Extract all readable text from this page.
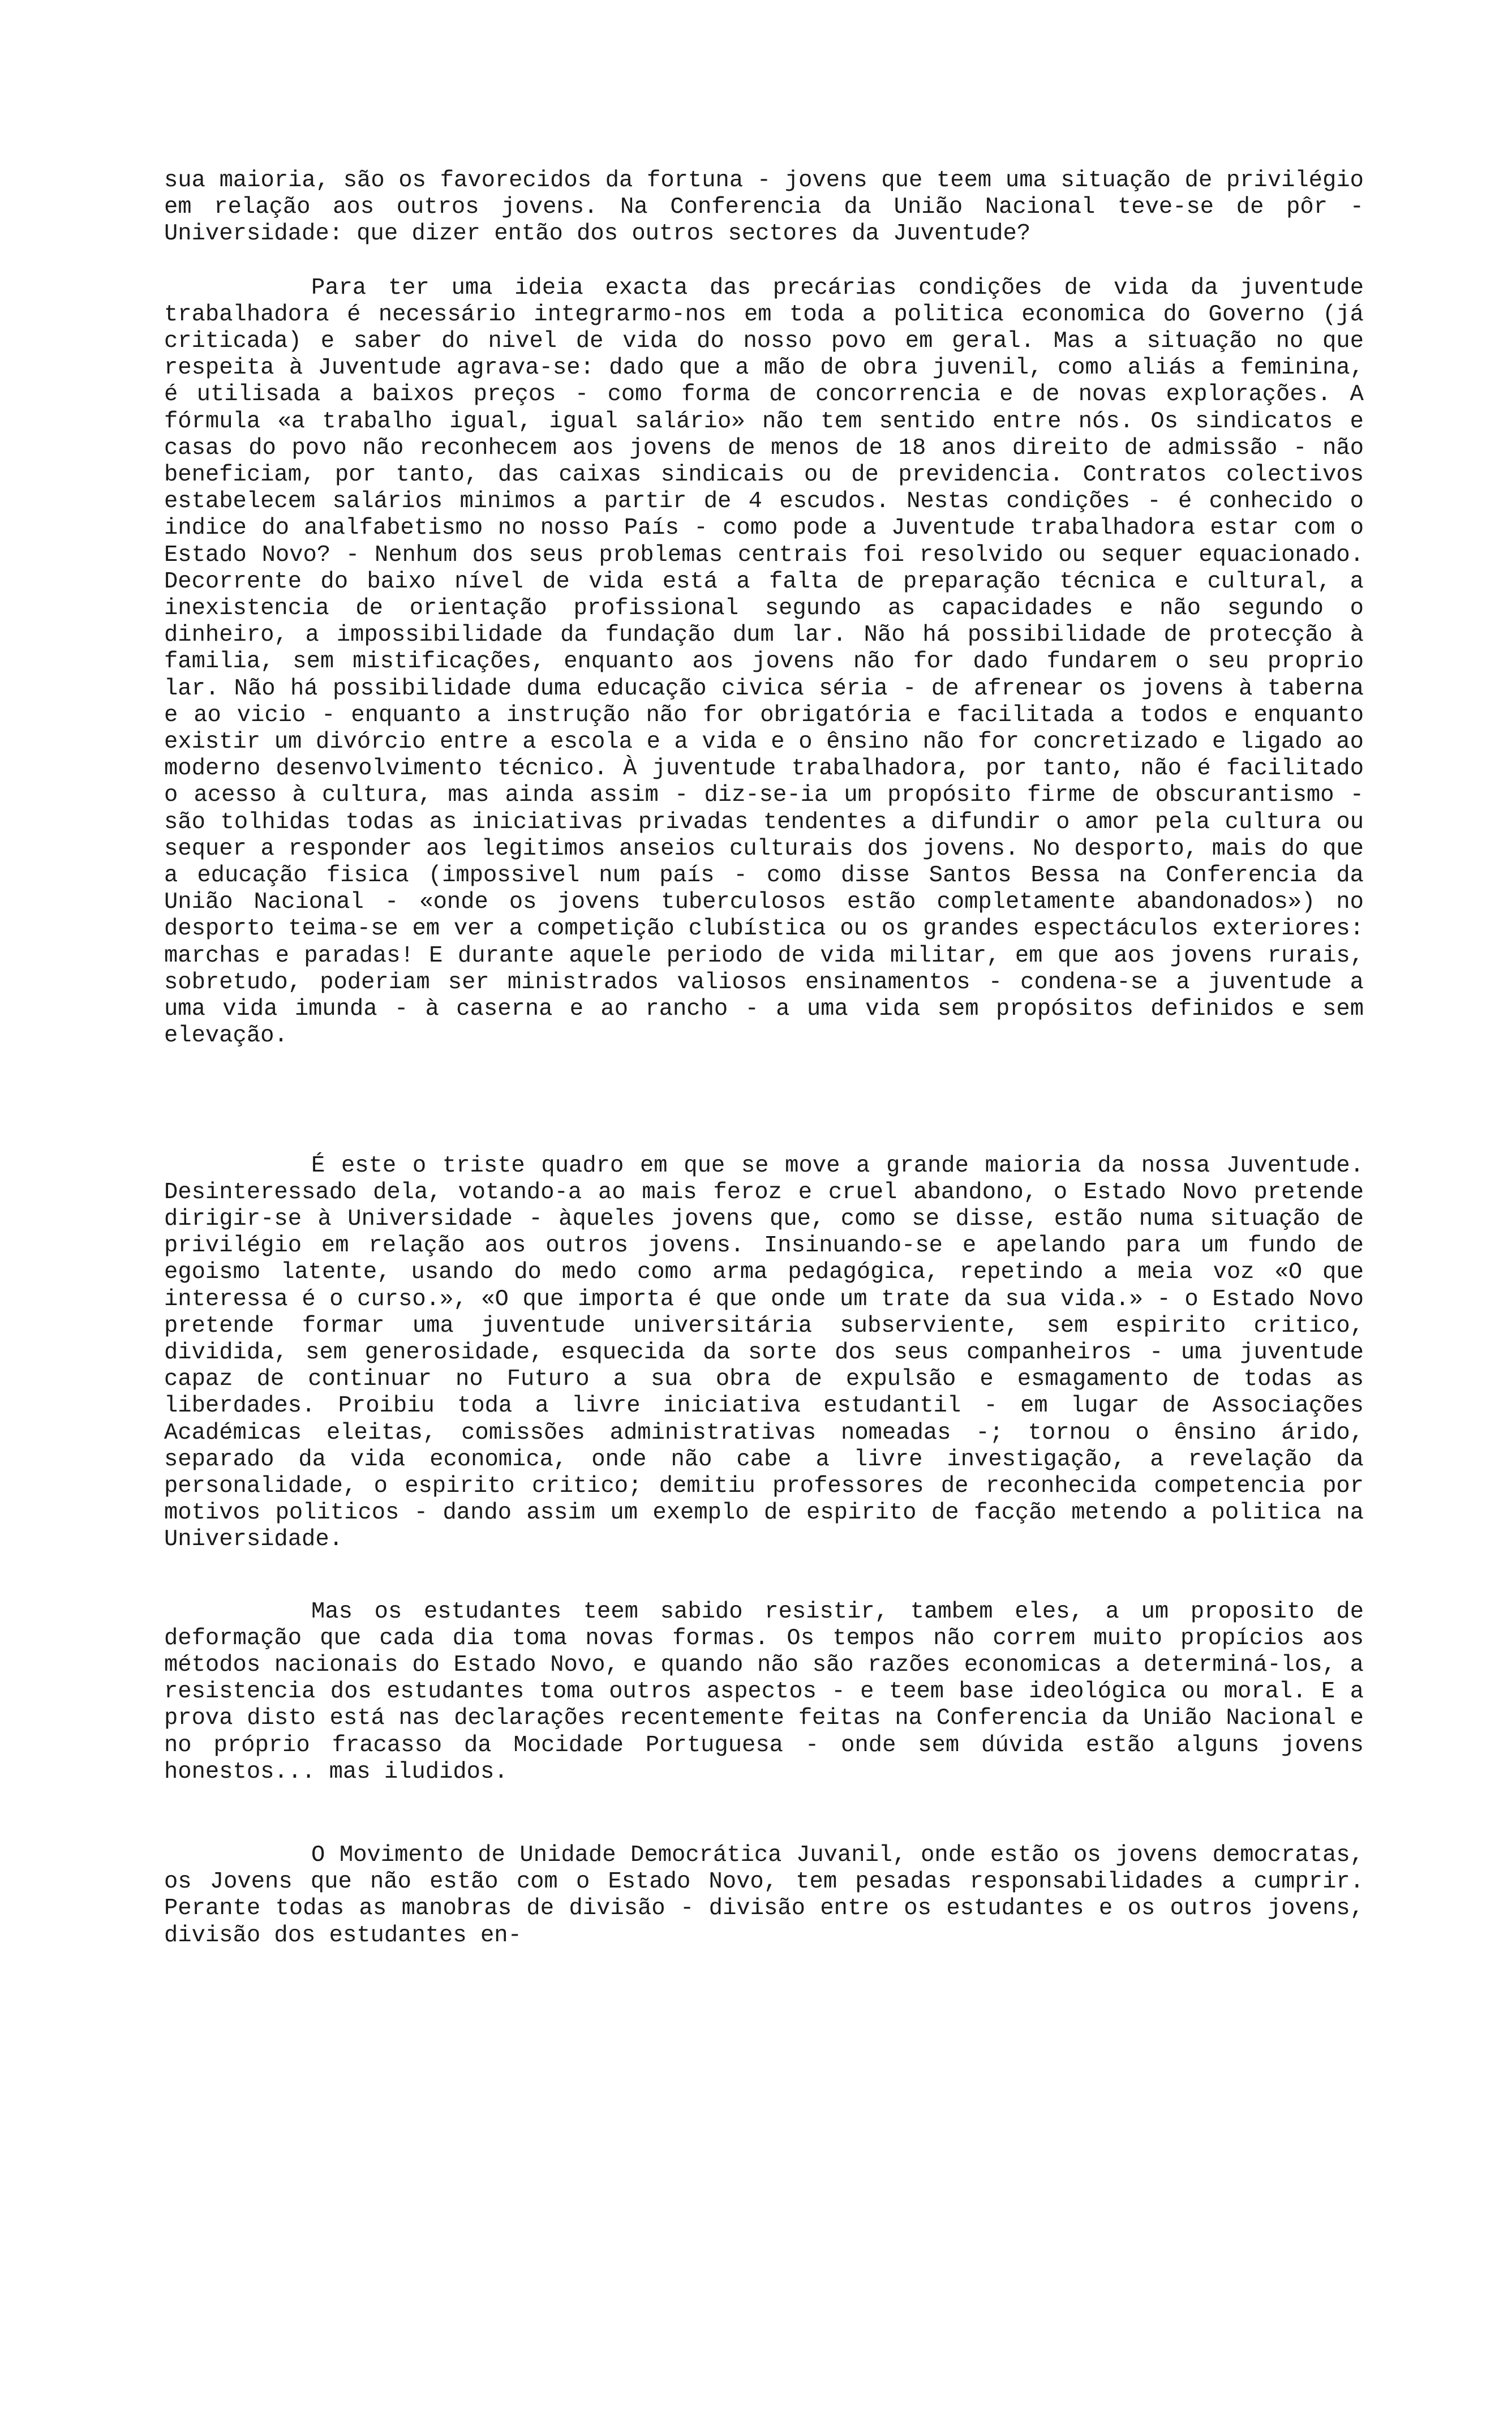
sua maioria, são os favorecidos da fortuna - jovens que teem uma situação de privilégio em relação aos outros jovens. Na Conferencia da União Nacional teve-se de pôr - Universidade: que dizer então dos outros sectores da Juventude?

Para ter uma ideia exacta das precárias condições de vida da juventude trabalhadora é necessário integrarmo-nos em toda a politica economica do Governo (já criticada) e saber do nivel de vida do nosso povo em geral. Mas a situação no que respeita à Juventude agrava-se: dado que a mão de obra juvenil, como aliás a feminina, é utilisada a baixos preços - como forma de concorrencia e de novas explorações. A fórmula «a trabalho igual, igual salário» não tem sentido entre nós. Os sindicatos e casas do povo não reconhecem aos jovens de menos de 18 anos direito de admissão - não beneficiam, por tanto, das caixas sindicais ou de previdencia. Contratos colectivos estabelecem salários minimos a partir de 4 escudos. Nestas condições - é conhecido o indice do analfabetismo no nosso País - como pode a Juventude trabalhadora estar com o Estado Novo? - Nenhum dos seus problemas centrais foi resolvido ou sequer equacionado. Decorrente do baixo nível de vida está a falta de preparação técnica e cultural, a inexistencia de orientação profissional segundo as capacidades e não segundo o dinheiro, a impossibilidade da fundação dum lar. Não há possibilidade de protecção à familia, sem mistificações, enquanto aos jovens não for dado fundarem o seu proprio lar. Não há possibilidade duma educação civica séria - de afrenear os jovens à taberna e ao vicio - enquanto a instrução não for obrigatória e facilitada a todos e enquanto existir um divórcio entre a escola e a vida e o ênsino não for concretizado e ligado ao moderno desenvolvimento técnico. À juventude trabalhadora, por tanto, não é facilitado o acesso à cultura, mas ainda assim - diz-se-ia um propósito firme de obscurantismo - são tolhidas todas as iniciativas privadas tendentes a difundir o amor pela cultura ou sequer a responder aos legitimos anseios culturais dos jovens. No desporto, mais do que a educação fisica (impossivel num país - como disse Santos Bessa na Conferencia da União Nacional - «onde os jovens tuberculosos estão completamente abandonados») no desporto teima-se em ver a competição clubística ou os grandes espectáculos exteriores: marchas e paradas! E durante aquele periodo de vida militar, em que aos jovens rurais, sobretudo, poderiam ser ministrados valiosos ensinamentos - condena-se a juventude a uma vida imunda - à caserna e ao rancho - a uma vida sem propósitos definidos e sem elevação.

É este o triste quadro em que se move a grande maioria da nossa Juventude. Desinteressado dela, votando-a ao mais feroz e cruel abandono, o Estado Novo pretende dirigir-se à Universidade - àqueles jovens que, como se disse, estão numa situação de privilégio em relação aos outros jovens. Insinuando-se e apelando para um fundo de egoismo latente, usando do medo como arma pedagógica, repetindo a meia voz «O que interessa é o curso.», «O que importa é que onde um trate da sua vida.» - o Estado Novo pretende formar uma juventude universitária subserviente, sem espirito critico, dividida, sem generosidade, esquecida da sorte dos seus companheiros - uma juventude capaz de continuar no Futuro a sua obra de expulsão e esmagamento de todas as liberdades. Proibiu toda a livre iniciativa estudantil - em lugar de Associações Académicas eleitas, comissões administrativas nomeadas -; tornou o ênsino árido, separado da vida economica, onde não cabe a livre investigação, a revelação da personalidade, o espirito critico; demitiu professores de reconhecida competencia por motivos politicos - dando assim um exemplo de espirito de facção metendo a politica na Universidade.

Mas os estudantes teem sabido resistir, tambem eles, a um proposito de deformação que cada dia toma novas formas. Os tempos não correm muito propícios aos métodos nacionais do Estado Novo, e quando não são razões economicas a determiná-los, a resistencia dos estudantes toma outros aspectos - e teem base ideológica ou moral. E a prova disto está nas declarações recentemente feitas na Conferencia da União Nacional e no próprio fracasso da Mocidade Portuguesa - onde sem dúvida estão alguns jovens honestos... mas iludidos.

O Movimento de Unidade Democrática Juvanil, onde estão os jovens democratas, os Jovens que não estão com o Estado Novo, tem pesadas responsabilidades a cumprir. Perante todas as manobras de divisão - divisão entre os estudantes e os outros jovens, divisão dos estudantes en-
